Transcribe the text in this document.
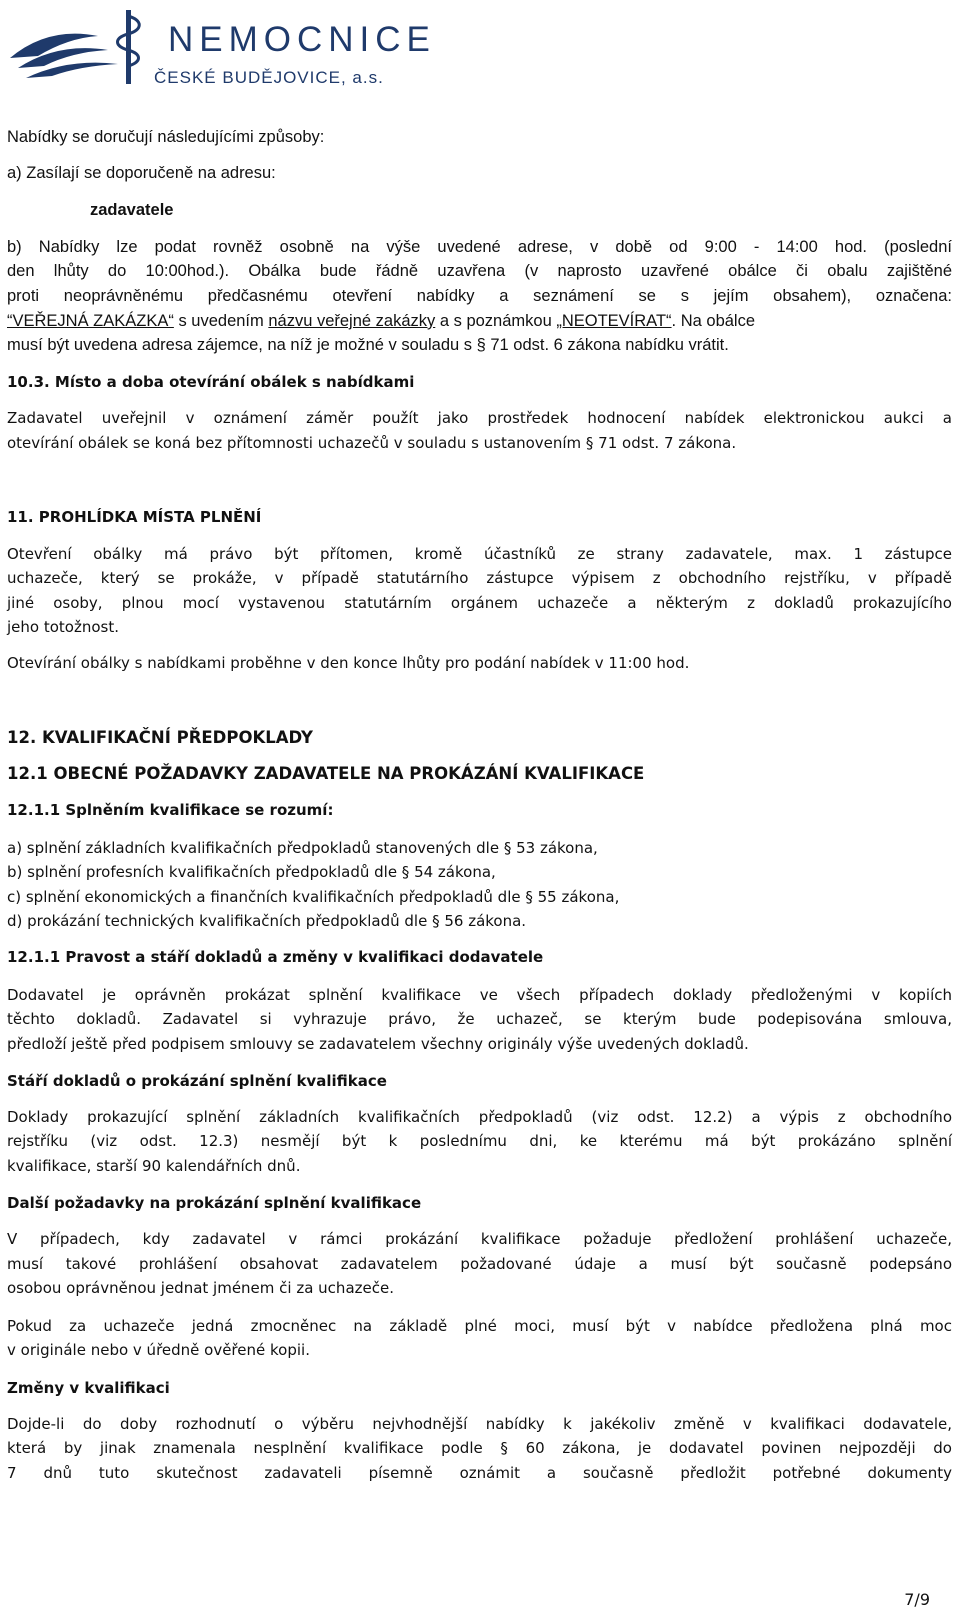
NEMOCNICE
ČESKÉ BUDĚJOVICE, a.s.
Nabídky se doručují následujícími způsoby:
a) Zasílají se doporučeně na adresu:
zadavatele
b) Nabídky lze podat rovněž osobně na výše uvedené adrese, v době od 9:00 - 14:00 hod. (poslední
den lhůty do 10:00hod.). Obálka bude řádně uzavřena (v naprosto uzavřené obálce či obalu zajištěné
proti neoprávněnému předčasnému otevření nabídky a seznámení se s jejím obsahem), označena:
“VEŘEJNÁ ZAKÁZKA“ s uvedením názvu veřejné zakázky a s poznámkou „NEOTEVÍRAT“. Na obálce
musí být uvedena adresa zájemce, na níž je možné v souladu s § 71 odst. 6 zákona nabídku vrátit.
10.3. Místo a doba otevírání obálek s nabídkami
Zadavatel uveřejnil v oznámení záměr použít jako prostředek hodnocení nabídek elektronickou aukci a
otevírání obálek se koná bez přítomnosti uchazečů v souladu s ustanovením § 71 odst. 7 zákona.
11. PROHLÍDKA MÍSTA PLNĚNÍ
Otevření obálky má právo být přítomen, kromě účastníků ze strany zadavatele, max. 1 zástupce
uchazeče, který se prokáže, v případě statutárního zástupce výpisem z obchodního rejstříku, v případě
jiné osoby, plnou mocí vystavenou statutárním orgánem uchazeče a některým z dokladů prokazujícího
jeho totožnost.
Otevírání obálky s nabídkami proběhne v den konce lhůty pro podání nabídek v 11:00 hod.
12. KVALIFIKAČNÍ PŘEDPOKLADY
12.1 OBECNÉ POŽADAVKY ZADAVATELE NA PROKÁZÁNÍ KVALIFIKACE
12.1.1 Splněním kvalifikace se rozumí:
a) splnění základních kvalifikačních předpokladů stanovených dle § 53 zákona,
b) splnění profesních kvalifikačních předpokladů dle § 54 zákona,
c) splnění ekonomických a finančních kvalifikačních předpokladů dle § 55 zákona,
d) prokázání technických kvalifikačních předpokladů dle § 56 zákona.
12.1.1 Pravost a stáří dokladů a změny v kvalifikaci dodavatele
Dodavatel je oprávněn prokázat splnění kvalifikace ve všech případech doklady předloženými v kopiích
těchto dokladů. Zadavatel si vyhrazuje právo, že uchazeč, se kterým bude podepisována smlouva,
předloží ještě před podpisem smlouvy se zadavatelem všechny originály výše uvedených dokladů.
Stáří dokladů o prokázání splnění kvalifikace
Doklady prokazující splnění základních kvalifikačních předpokladů (viz odst. 12.2) a výpis z obchodního
rejstříku (viz odst. 12.3) nesmějí být k poslednímu dni, ke kterému má být prokázáno splnění
kvalifikace, starší 90 kalendářních dnů.
Další požadavky na prokázání splnění kvalifikace
V případech, kdy zadavatel v rámci prokázání kvalifikace požaduje předložení prohlášení uchazeče,
musí takové prohlášení obsahovat zadavatelem požadované údaje a musí být současně podepsáno
osobou oprávněnou jednat jménem či za uchazeče.
Pokud za uchazeče jedná zmocněnec na základě plné moci, musí být v nabídce předložena plná moc
v originále nebo v úředně ověřené kopii.
Změny v kvalifikaci
Dojde-li do doby rozhodnutí o výběru nejvhodnější nabídky k jakékoliv změně v kvalifikaci dodavatele,
která by jinak znamenala nesplnění kvalifikace podle § 60 zákona, je dodavatel povinen nejpozději do
7 dnů tuto skutečnost zadavateli písemně oznámit a současně předložit potřebné dokumenty
7/9
